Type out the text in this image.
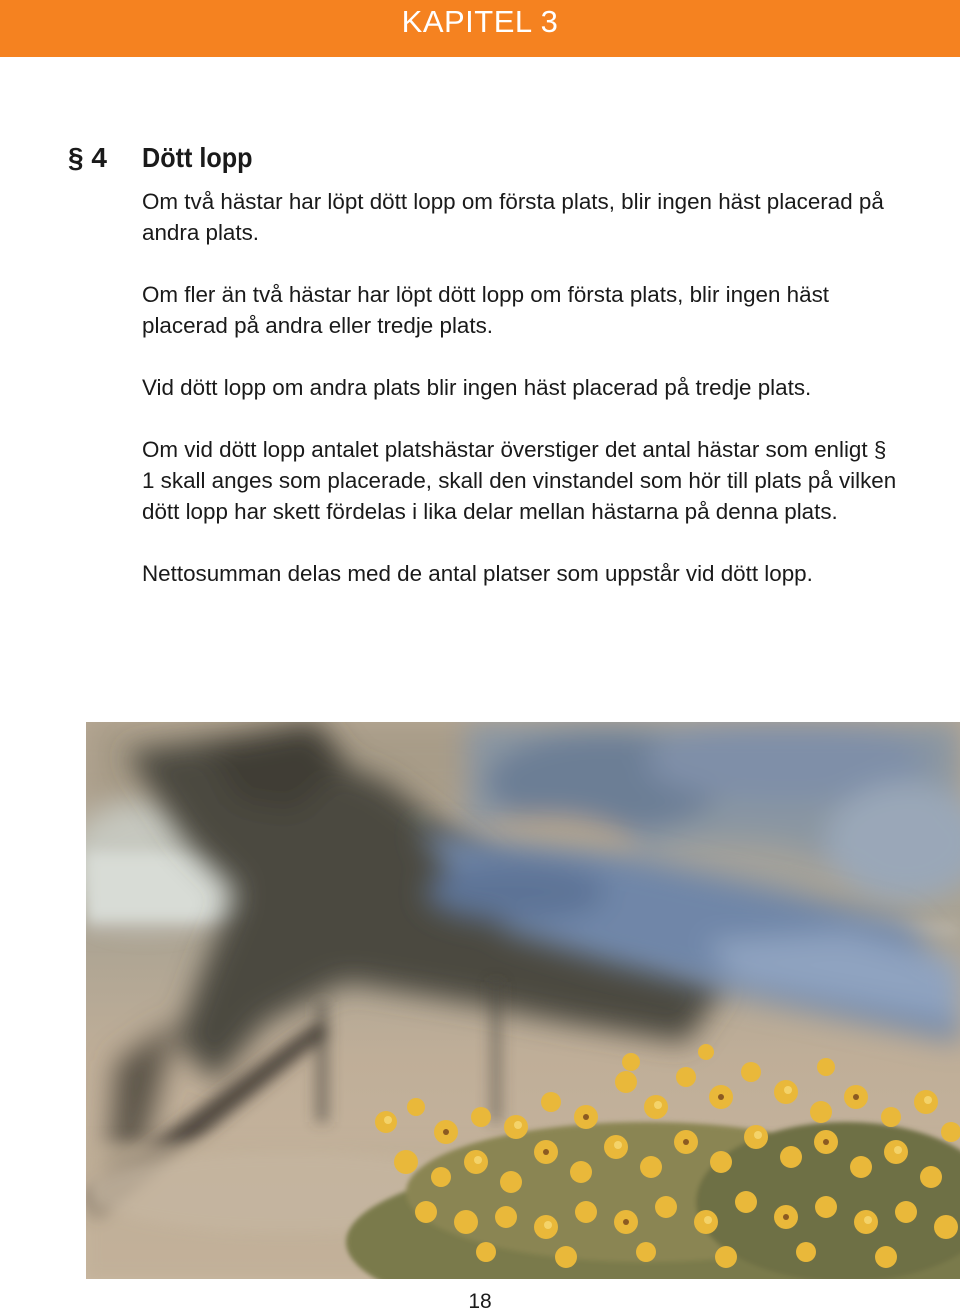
KAPITEL 3
§ 4 Dött lopp

Om två hästar har löpt dött lopp om första plats, blir ingen häst placerad på andra plats.

Om fler än två hästar har löpt dött lopp om första plats, blir ingen häst placerad på andra eller tredje plats.

Vid dött lopp om andra plats blir ingen häst placerad på tredje plats.

Om vid dött lopp antalet platshästar överstiger det antal hästar som enligt § 1 skall anges som placerade, skall den vinstandel som hör till plats på vilken dött lopp har skett fördelas i lika delar mellan hästarna på denna plats.

Nettosumman delas med de antal platser som uppstår vid dött lopp.

18
